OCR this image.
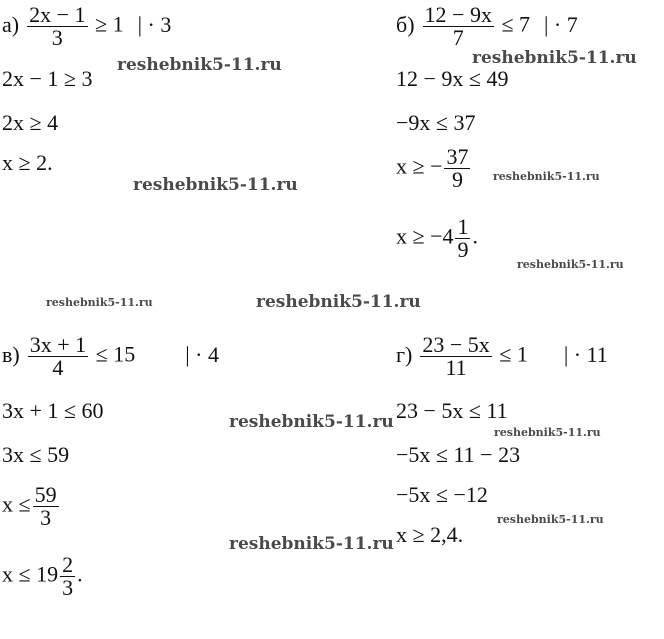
$а) \frac{2x - 1}{3} \ge 1$ | · 3
2x − 1 ≥ 3
2x ≥ 4
x ≥ 2.
$б) \frac{12 - 9x}{7} \le 7$ | · 7
12 − 9x ≤ 49
−9x ≤ 37
x ≥ − $\frac{37}{9}$
$x \ge -4 \frac{1}{9}$ .
$в) \frac{3x + 1}{4} \le 15$ | · 4
3x + 1 ≤ 60
3x ≤ 59
$x \le \frac{59}{3}$
$x \le 19 \frac{2}{3}$ .
$г) \frac{23 - 5x}{11} \le 1$ | · 11
23 − 5x ≤ 11
−5x ≤ 11 − 23
−5x ≤ −12
x ≥ 2,4.
reshebnik5-11.ru	reshebnik5-11.ru
reshebnik5-11.ru	reshebnik5-11.ru
reshebnik5-11.ru
reshebnik5-11.ru	reshebnik5-11.ru
reshebnik5-11.ru
reshebnik5-11.ru
reshebnik5-11.ru
reshebnik5-11.ru
